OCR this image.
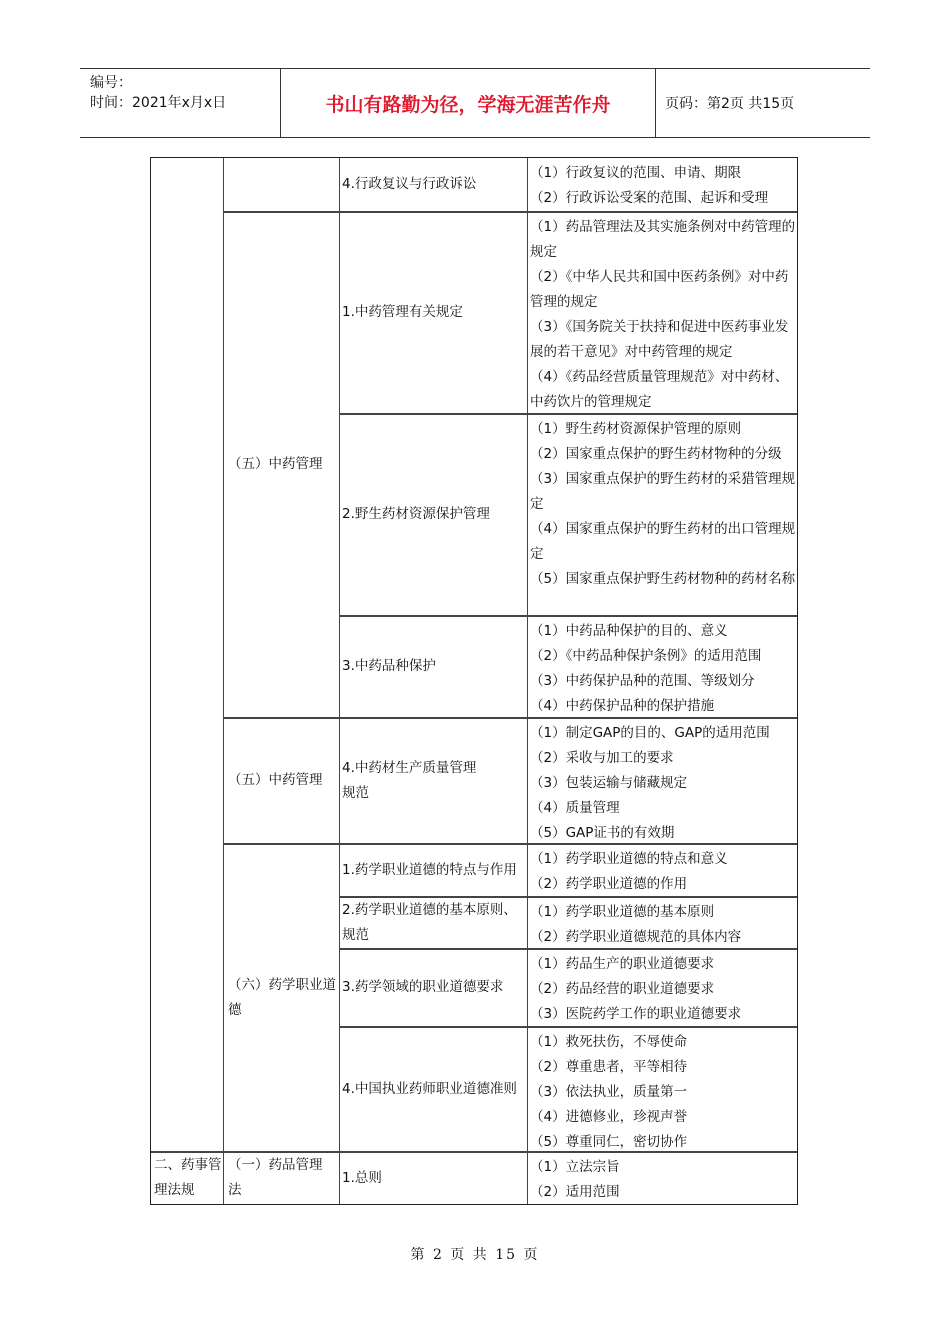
编号：
时间：2021年x月x日	书山有路勤为径，学海无涯苦作舟	页码：第2页 共15页
4.行政复议与行政诉讼
（1）行政复议的范围、申请、期限
（2）行政诉讼受案的范围、起诉和受理
（五）中药管理
1.中药管理有关规定
（1）药品管理法及其实施条例对中药管理的规定
（2）《中华人民共和国中医药条例》对中药管理的规定
（3）《国务院关于扶持和促进中医药事业发展的若干意见》对中药管理的规定
（4）《药品经营质量管理规范》对中药材、中药饮片的管理规定
2.野生药材资源保护管理
（1）野生药材资源保护管理的原则
（2）国家重点保护的野生药材物种的分级
（3）国家重点保护的野生药材的采猎管理规定
（4）国家重点保护的野生药材的出口管理规定
（5）国家重点保护野生药材物种的药材名称
3.中药品种保护
（1）中药品种保护的目的、意义
（2）《中药品种保护条例》的适用范围
（3）中药保护品种的范围、等级划分
（4）中药保护品种的保护措施
（五）中药管理
4.中药材生产质量管理规范
（1）制定GAP的目的、GAP的适用范围
（2）采收与加工的要求
（3）包装运输与储藏规定
（4）质量管理
（5）GAP证书的有效期
（六）药学职业道德
1.药学职业道德的特点与作用
（1）药学职业道德的特点和意义
（2）药学职业道德的作用
2.药学职业道德的基本原则、规范
（1）药学职业道德的基本原则
（2）药学职业道德规范的具体内容
3.药学领域的职业道德要求
（1）药品生产的职业道德要求
（2）药品经营的职业道德要求
（3）医院药学工作的职业道德要求
4.中国执业药师职业道德准则
（1）救死扶伤，不辱使命
（2）尊重患者，平等相待
（3）依法执业，质量第一
（4）进德修业，珍视声誉
（5）尊重同仁，密切协作
二、药事管理法规
（一）药品管理法
1.总则
（1）立法宗旨
（2）适用范围
第 2 页 共 15 页
